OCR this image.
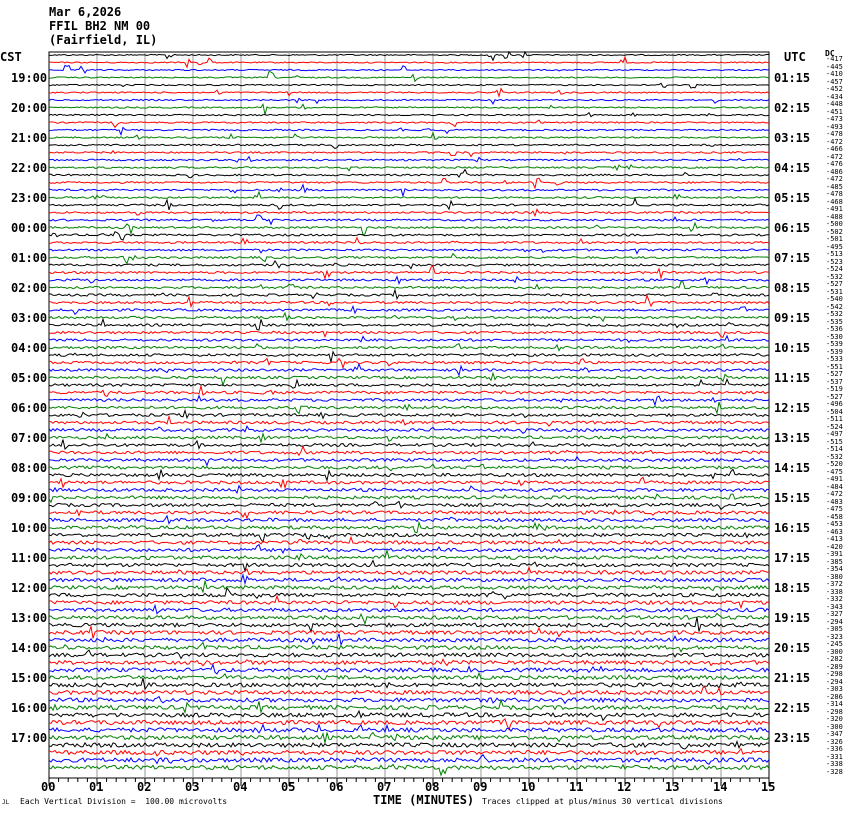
Mar 6,2026
FFIL BH2 NM 00
(Fairfield, IL)
CST	UTC DC
19:00
20:00
21:00
22:00
23:00
00:00
01:00
02:00
03:00
04:00
05:00
06:00
07:00
08:00
09:00
10:00
11:00
12:00
13:00
14:00
15:00
16:00
17:00
01:15
02:15
03:15
04:15
05:15
06:15
07:15
08:15
09:15
10:15
11:15
12:15
13:15
14:15
15:15
16:15
17:15
18:15
19:15
20:15
21:15
22:15
23:15
-417
-445
-410
-457
-452
-434
-448
-451
-473
-493
-478
-472
-466
-472
-476
-486
-472
-485
-478
-468
-491
-488
-500
-502
-501
-495
-513
-523
-524
-532
-527
-531
-540
-542
-532
-535
-536
-530
-539
-539
-533
-551
-527
-537
-519
-527
-496
-504
-511
-524
-497
-515
-514
-532
-520
-475
-491
-484
-472
-483
-475
-458
-453
-463
-413
-420
-391
-385
-354
-380
-372
-338
-332
-343
-327
-294
-305
-323
-245
-300
-282
-289
-298
-294
-303
-286
-314
-298
-320
-300
-347
-326
-336
-331
-338
-328
00	01	02	03	04	05	06	07	08	09	10	11	12	13	14	15
JL Each Vertical Division =  100.00 microvolts	TIME (MINUTES) Traces clipped at plus/minus 30 vertical divisions
